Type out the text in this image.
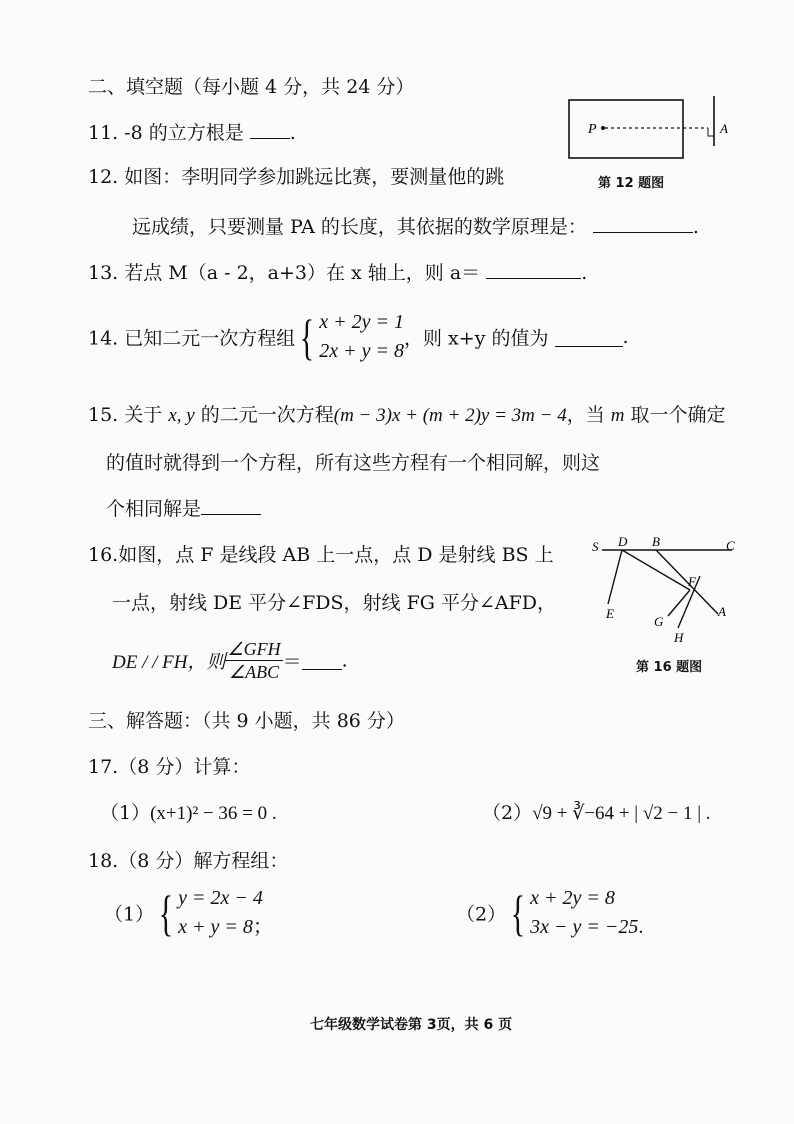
二、填空题（每小题 4 分，共 24 分）
11. -8 的立方根是 .	P	A
第 12 题图
12. 如图：李明同学参加跳远比赛，要测量他的跳
远成绩，只要测量 PA 的长度，其依据的数学原理是：	.
13. 若点 M（a - 2，a+3）在 x 轴上，则 a＝	.
14. 已知二元一次方程组{ x + 2y = 1
2x + y = 8，则 x+y 的值为	.
15. 关于 x, y 的二元一次方程(m − 3)x + (m + 2)y = 3m − 4，当 m 取一个确定
的值时就得到一个方程，所有这些方程有一个相同解，则这
个相同解是
16.如图，点 F 是线段 AB 上一点，点 D 是射线 BS 上
一点，射线 DE 平分∠FDS，射线 FG 平分∠AFD，
DE / / FH，则 $\frac{\text{∠GFH}}{\text{∠ABC}}$ ＝ .
S D B	C
F
E
G
H
A
第 16 题图
三、解答题：（共 9 小题，共 86 分）
17.（8 分）计算：
（1）(x+1)² − 36 = 0 .	（2）√9 + ∛−64 + | √2 − 1 | .
18.（8 分）解方程组：
（1）{ y = 2x − 4
x + y = 8；
（2）{ x + 2y = 8
3x − y = −25.
七年级数学试卷第 3页，共 6 页
